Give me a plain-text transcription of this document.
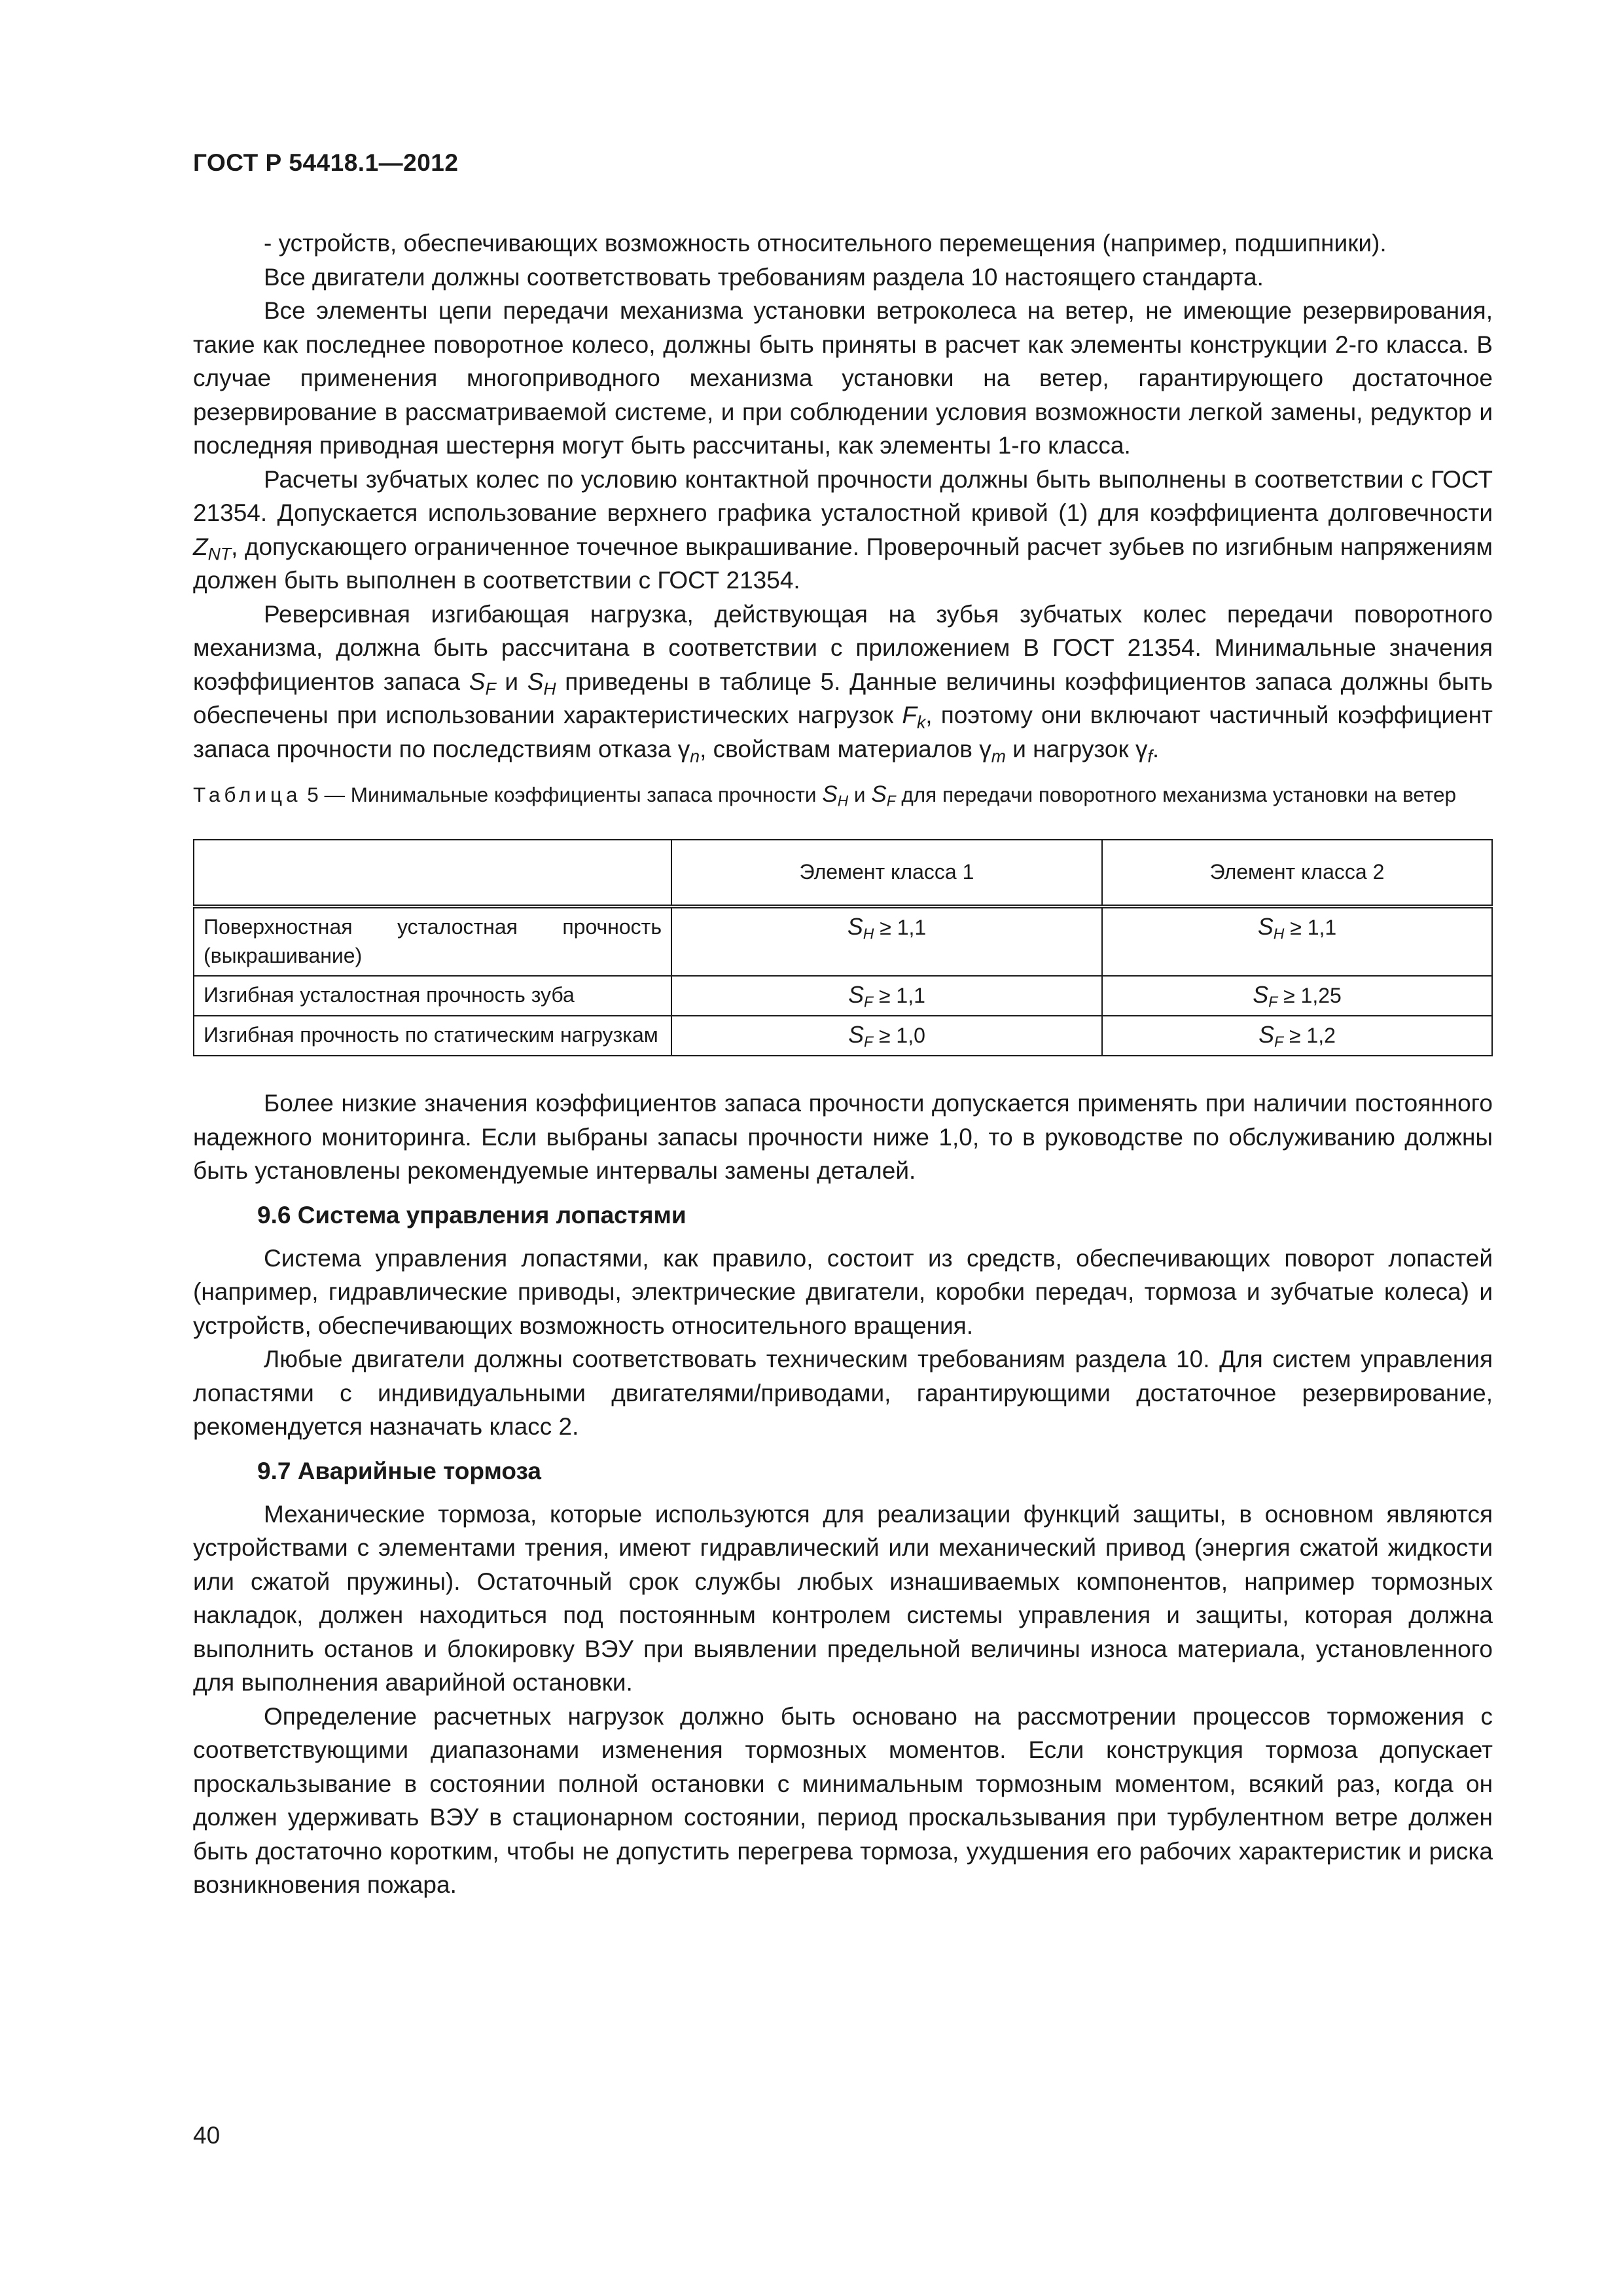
ГОСТ Р 54418.1—2012

- устройств, обеспечивающих возможность относительного перемещения (например, подшипники).

Все двигатели должны соответствовать требованиям раздела 10 настоящего стандарта.

Все элементы цепи передачи механизма установки ветроколеса на ветер, не имеющие резервирования, такие как последнее поворотное колесо, должны быть приняты в расчет как элементы конструкции 2-го класса. В случае применения многоприводного механизма установки на ветер, гарантирующего достаточное резервирование в рассматриваемой системе, и при соблюдении условия возможности легкой замены, редуктор и последняя приводная шестерня могут быть рассчитаны, как элементы 1-го класса.

Расчеты зубчатых колес по условию контактной прочности должны быть выполнены в соответствии с ГОСТ 21354. Допускается использование верхнего графика усталостной кривой (1) для коэффициента долговечности $Z_{NT}$, допускающего ограниченное точечное выкрашивание. Проверочный расчет зубьев по изгибным напряжениям должен быть выполнен в соответствии с ГОСТ 21354.

Реверсивная изгибающая нагрузка, действующая на зубья зубчатых колес передачи поворотного механизма, должна быть рассчитана в соответствии с приложением В ГОСТ 21354. Минимальные значения коэффициентов запаса $S_F$ и $S_H$ приведены в таблице 5. Данные величины коэффициентов запаса должны быть обеспечены при использовании характеристических нагрузок $F_k$, поэтому они включают частичный коэффициент запаса прочности по последствиям отказа $\gamma_n$, свойствам материалов $\gamma_m$ и нагрузок $\gamma_f$.

Таблица 5 — Минимальные коэффициенты запаса прочности $S_H$ и $S_F$ для передачи поворотного механизма установки на ветер

	Элемент класса 1	Элемент класса 2
Поверхностная усталостная прочность (выкрашивание)	$S_H \ge 1,1$	$S_H \ge 1,1$
Изгибная усталостная прочность зуба	$S_F \ge 1,1$	$S_F \ge 1,25$
Изгибная прочность по статическим нагрузкам	$S_F \ge 1,0$	$S_F \ge 1,2$

Более низкие значения коэффициентов запаса прочности допускается применять при наличии постоянного надежного мониторинга. Если выбраны запасы прочности ниже 1,0, то в руководстве по обслуживанию должны быть установлены рекомендуемые интервалы замены деталей.

9.6 Система управления лопастями

Система управления лопастями, как правило, состоит из средств, обеспечивающих поворот лопастей (например, гидравлические приводы, электрические двигатели, коробки передач, тормоза и зубчатые колеса) и устройств, обеспечивающих возможность относительного вращения.

Любые двигатели должны соответствовать техническим требованиям раздела 10. Для систем управления лопастями с индивидуальными двигателями/приводами, гарантирующими достаточное резервирование, рекомендуется назначать класс 2.

9.7 Аварийные тормоза

Механические тормоза, которые используются для реализации функций защиты, в основном являются устройствами с элементами трения, имеют гидравлический или механический привод (энергия сжатой жидкости или сжатой пружины). Остаточный срок службы любых изнашиваемых компонентов, например тормозных накладок, должен находиться под постоянным контролем системы управления и защиты, которая должна выполнить останов и блокировку ВЭУ при выявлении предельной величины износа материала, установленного для выполнения аварийной остановки.

Определение расчетных нагрузок должно быть основано на рассмотрении процессов торможения с соответствующими диапазонами изменения тормозных моментов. Если конструкция тормоза допускает проскальзывание в состоянии полной остановки с минимальным тормозным моментом, всякий раз, когда он должен удерживать ВЭУ в стационарном состоянии, период проскальзывания при турбулентном ветре должен быть достаточно коротким, чтобы не допустить перегрева тормоза, ухудшения его рабочих характеристик и риска возникновения пожара.

40
